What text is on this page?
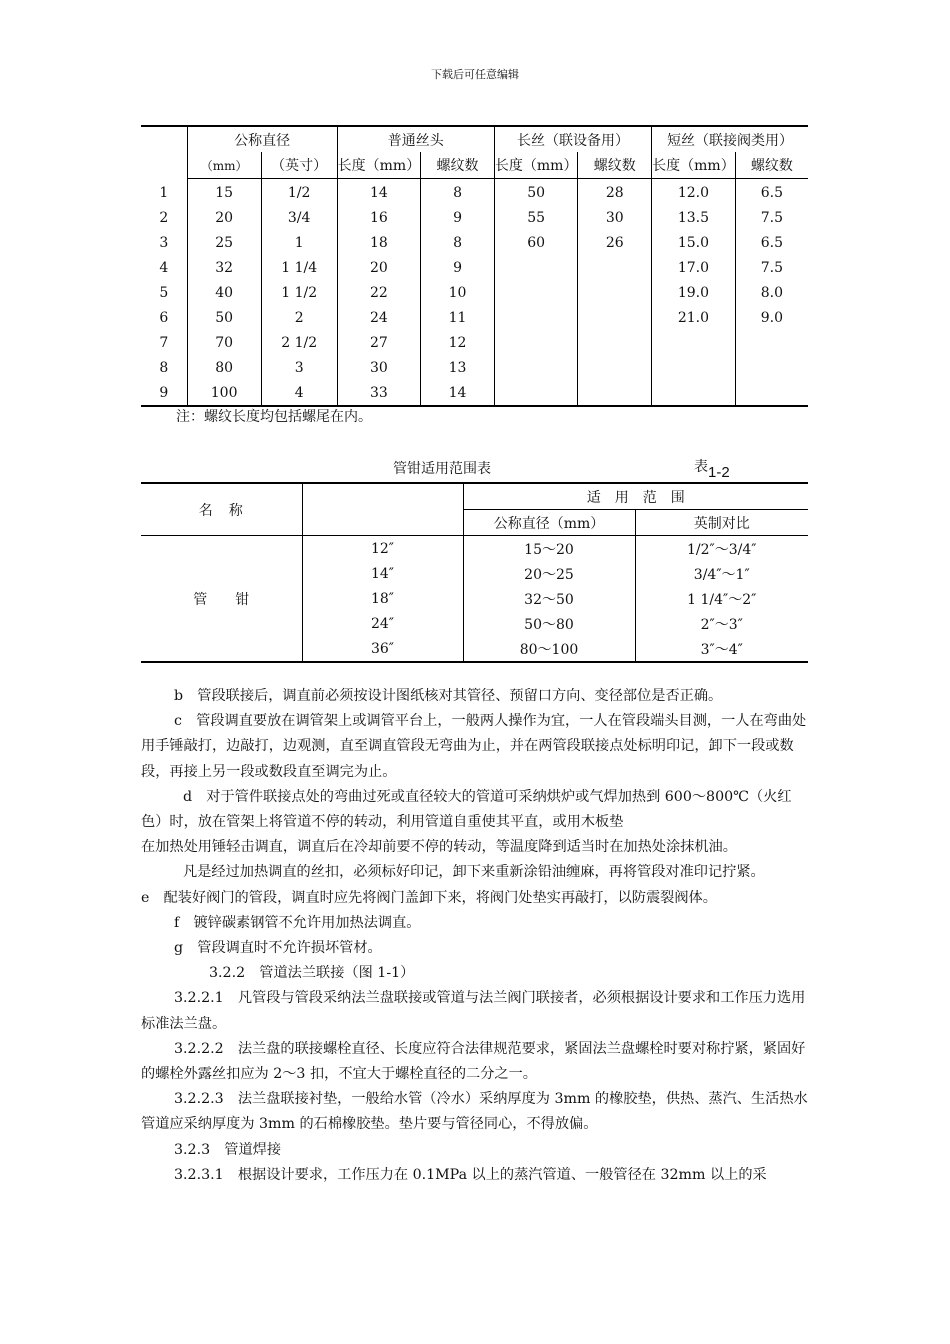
下载后可任意编辑
	公称直径		普通丝头		长丝（联设备用）		短丝（联接阀类用）	
	（mm）	（英寸）	长度（mm）	螺纹数	长度（mm）	螺纹数	长度（mm）	螺纹数
1	15	1/2	14	8	50	28	12.0	6.5
2	20	3/4	16	9	55	30	13.5	7.5
3	25	1	18	8	60	26	15.0	6.5
4	32	1 1/4	20	9			17.0	7.5
5	40	1 1/2	22	10			19.0	8.0
6	50	2	24	11			21.0	9.0
7	70	2 1/2	27	12				
8	80	3	30	13				
9	100	4	33	14				
注：螺纹长度均包括螺尾在内。
管钳适用范围表	表1-2
名　称		适　用　范　围	
		公称直径（mm）	英制对比
管　　钳	12″	15～20	1/2″～3/4″
	14″	20～25	3/4″～1″
	18″	32～50	1 1/4″～2″
	24″	50～80	2″～3″
	36″	80～100	3″～4″

b　管段联接后，调直前必须按设计图纸核对其管径、预留口方向、变径部位是否正确。

c　管段调直要放在调管架上或调管平台上，一般两人操作为宜，一人在管段端头目测，一人在弯曲处用手锤敲打，边敲打，边观测，直至调直管段无弯曲为止，并在两管段联接点处标明印记，卸下一段或数段，再接上另一段或数段直至调完为止。

d　对于管件联接点处的弯曲过死或直径较大的管道可采纳烘炉或气焊加热到 600～800℃（火红色）时，放在管架上将管道不停的转动，利用管道自重使其平直，或用木板垫

在加热处用锤轻击调直，调直后在冷却前要不停的转动，等温度降到适当时在加热处涂抹机油。

凡是经过加热调直的丝扣，必须标好印记，卸下来重新涂铅油缠麻，再将管段对准印记拧紧。

e　配装好阀门的管段，调直时应先将阀门盖卸下来，将阀门处垫实再敲打，以防震裂阀体。

f　镀锌碳素钢管不允许用加热法调直。

g　管段调直时不允许损坏管材。

3.2.2　管道法兰联接（图 1-1）

3.2.2.1　凡管段与管段采纳法兰盘联接或管道与法兰阀门联接者，必须根据设计要求和工作压力选用标准法兰盘。

3.2.2.2　法兰盘的联接螺栓直径、长度应符合法律规范要求，紧固法兰盘螺栓时要对称拧紧，紧固好的螺栓外露丝扣应为 2～3 扣，不宜大于螺栓直径的二分之一。

3.2.2.3　法兰盘联接衬垫，一般给水管（冷水）采纳厚度为 3mm 的橡胶垫，供热、蒸汽、生活热水管道应采纳厚度为 3mm 的石棉橡胶垫。垫片要与管径同心，不得放偏。

3.2.3　管道焊接

3.2.3.1　根据设计要求，工作压力在 0.1MPa 以上的蒸汽管道、一般管径在 32mm 以上的采
